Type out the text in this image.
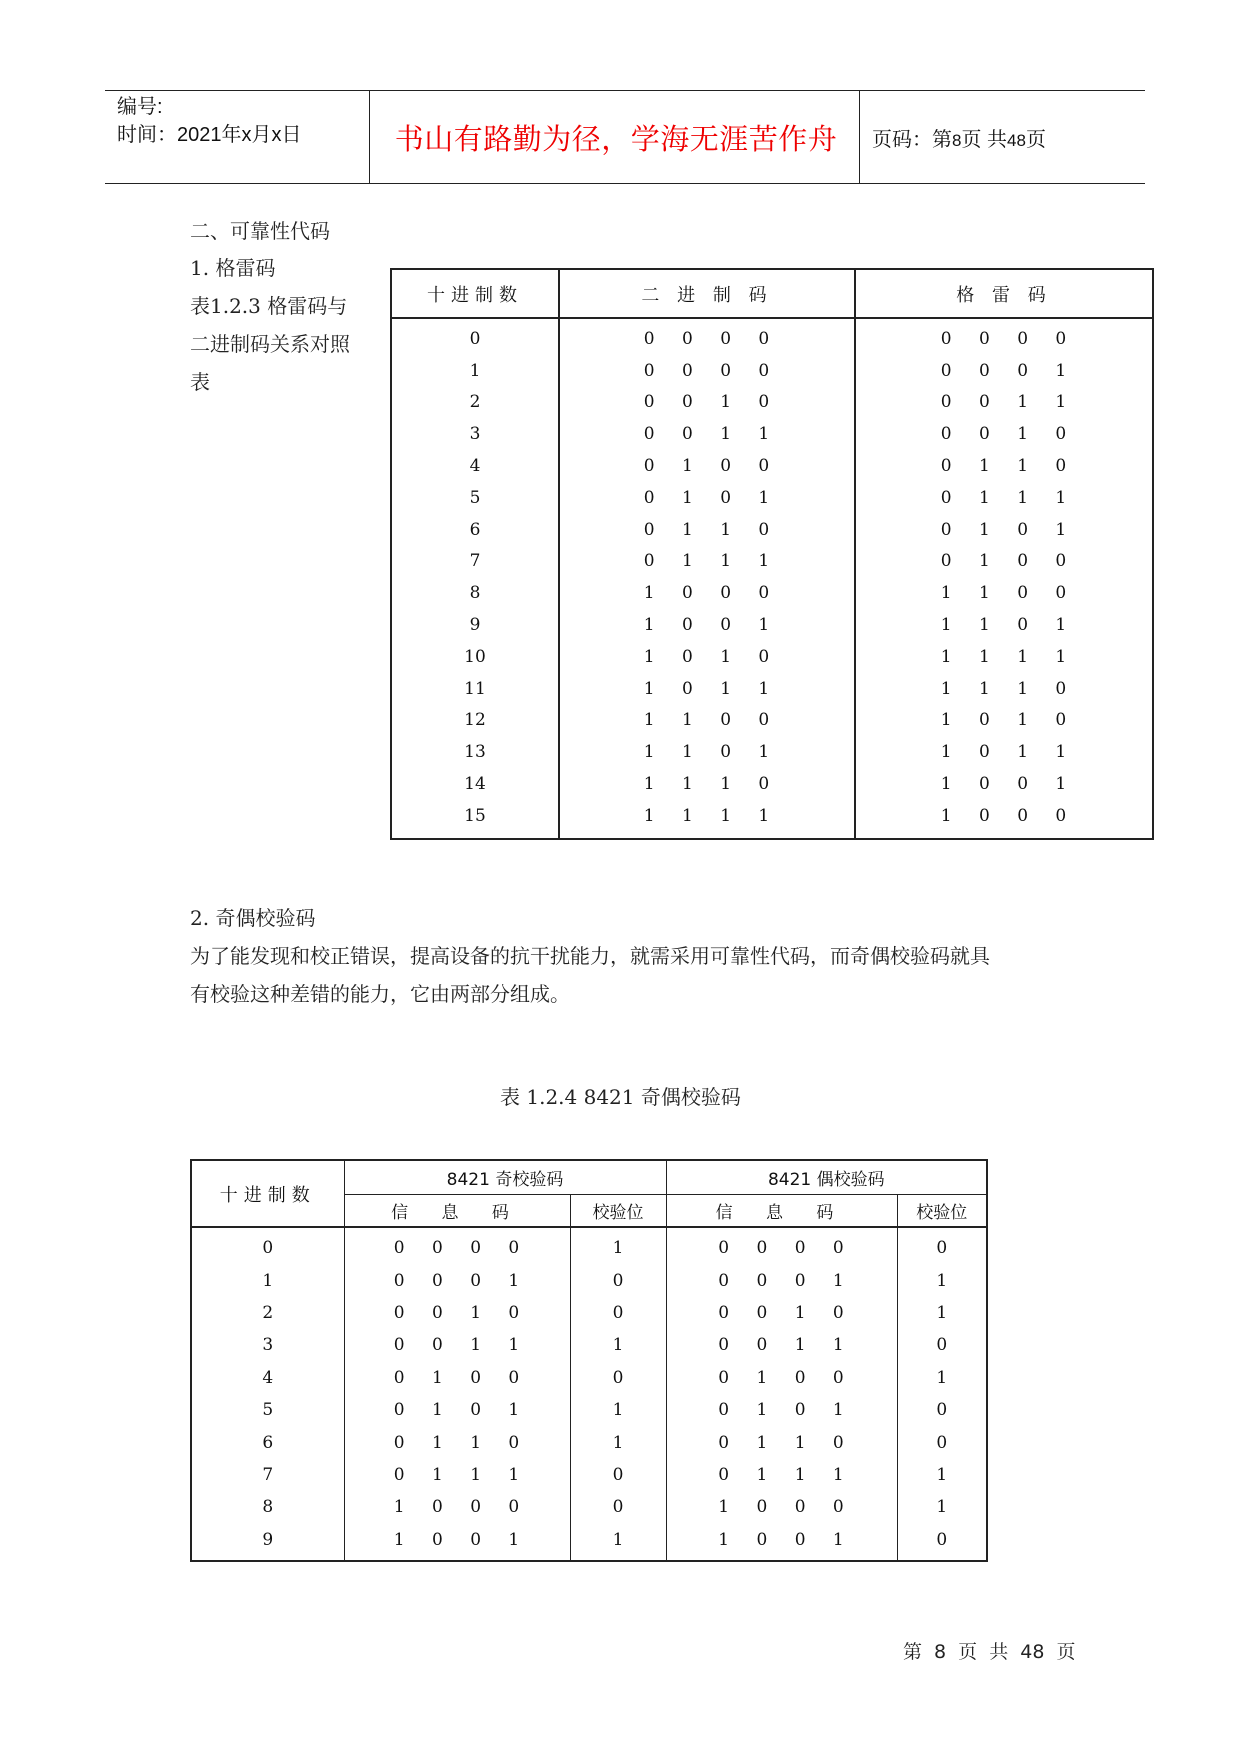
编号:
时间：2021年x月x日	书山有路勤为径，学海无涯苦作舟	页码：第8页 共48页
二、可靠性代码
1. 格雷码
表1.2.3 格雷码与
二进制码关系对照
表
十进制数	二 进 制 码	格 雷 码
0	0 0 0 0	0 0 0 0
1	0 0 0 0	0 0 0 1
2	0 0 1 0	0 0 1 1
3	0 0 1 1	0 0 1 0
4	0 1 0 0	0 1 1 0
5	0 1 0 1	0 1 1 1
6	0 1 1 0	0 1 0 1
7	0 1 1 1	0 1 0 0
8	1 0 0 0	1 1 0 0
9	1 0 0 1	1 1 0 1
10	1 0 1 0	1 1 1 1
11	1 0 1 1	1 1 1 0
12	1 1 0 0	1 0 1 0
13	1 1 0 1	1 0 1 1
14	1 1 1 0	1 0 0 1
15	1 1 1 1	1 0 0 0
2. 奇偶校验码
为了能发现和校正错误，提高设备的抗干扰能力，就需采用可靠性代码，而奇偶校验码就具
有校验这种差错的能力，它由两部分组成。
表 1.2.4 8421 奇偶校验码
十进制数	8421 奇校验码		8421 偶校验码	
	信 息 码	校验位	信 息 码	校验位
0	0 0 0 0	1	0 0 0 0	0
1	0 0 0 1	0	0 0 0 1	1
2	0 0 1 0	0	0 0 1 0	1
3	0 0 1 1	1	0 0 1 1	0
4	0 1 0 0	0	0 1 0 0	1
5	0 1 0 1	1	0 1 0 1	0
6	0 1 1 0	1	0 1 1 0	0
7	0 1 1 1	0	0 1 1 1	1
8	1 0 0 0	0	1 0 0 0	1
9	1 0 0 1	1	1 0 0 1	0
第 8 页 共 48 页
